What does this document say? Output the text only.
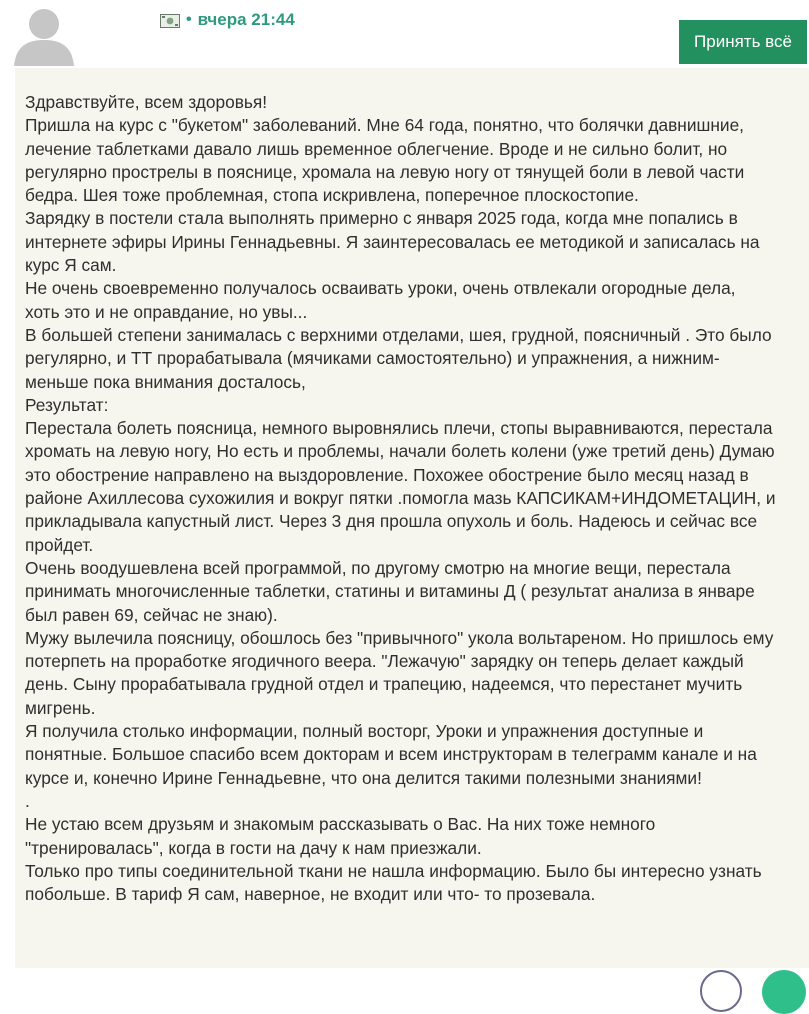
• вчера 21:44
Принять всё
Здравствуйте, всем здоровья!
Пришла на курс с "букетом" заболеваний. Мне 64 года, понятно, что болячки давнишние,
лечение таблетками давало лишь временное облегчение. Вроде и не сильно болит, но
регулярно прострелы в пояснице, хромала на левую ногу от тянущей боли в левой части
бедра. Шея тоже проблемная, стопа искривлена, поперечное плоскостопие.
Зарядку в постели стала выполнять примерно с января 2025 года, когда мне попались в
интернете эфиры Ирины Геннадьевны. Я заинтересовалась ее методикой и записалась на
курс Я сам.
Не очень своевременно получалось осваивать уроки, очень отвлекали огородные дела,
хоть это и не оправдание, но увы...
В большей степени занималась с верхними отделами, шея, грудной, поясничный . Это было
регулярно, и ТТ прорабатывала (мячиками самостоятельно) и упражнения, а нижним-
меньше пока внимания досталось,
Результат:
Перестала болеть поясница, немного выровнялись плечи, стопы выравниваются, перестала
хромать на левую ногу, Но есть и проблемы, начали болеть колени (уже третий день) Думаю
это обострение направлено на выздоровление. Похожее обострение было месяц назад в
районе Ахиллесова сухожилия и вокруг пятки .помогла мазь КАПСИКАМ+ИНДОМЕТАЦИН, и
прикладывала капустный лист. Через 3 дня прошла опухоль и боль. Надеюсь и сейчас все
пройдет.
Очень воодушевлена всей программой, по другому смотрю на многие вещи, перестала
принимать многочисленные таблетки, статины и витамины Д ( результат анализа в январе
был равен 69, сейчас не знаю).
Мужу вылечила поясницу, обошлось без "привычного" укола вольтареном. Но пришлось ему
потерпеть на проработке ягодичного веера. "Лежачую" зарядку он теперь делает каждый
день. Сыну прорабатывала грудной отдел и трапецию, надеемся, что перестанет мучить
мигрень.
Я получила столько информации, полный восторг, Уроки и упражнения доступные и
понятные. Большое спасибо всем докторам и всем инструкторам в телеграмм канале и на
курсе и, конечно Ирине Геннадьевне, что она делится такими полезными знаниями!
.
Не устаю всем друзьям и знакомым рассказывать о Вас. На них тоже немного
"тренировалась", когда в гости на дачу к нам приезжали.
Только про типы соединительной ткани не нашла информацию. Было бы интересно узнать
побольше. В тариф Я сам, наверное, не входит или что- то прозевала.
